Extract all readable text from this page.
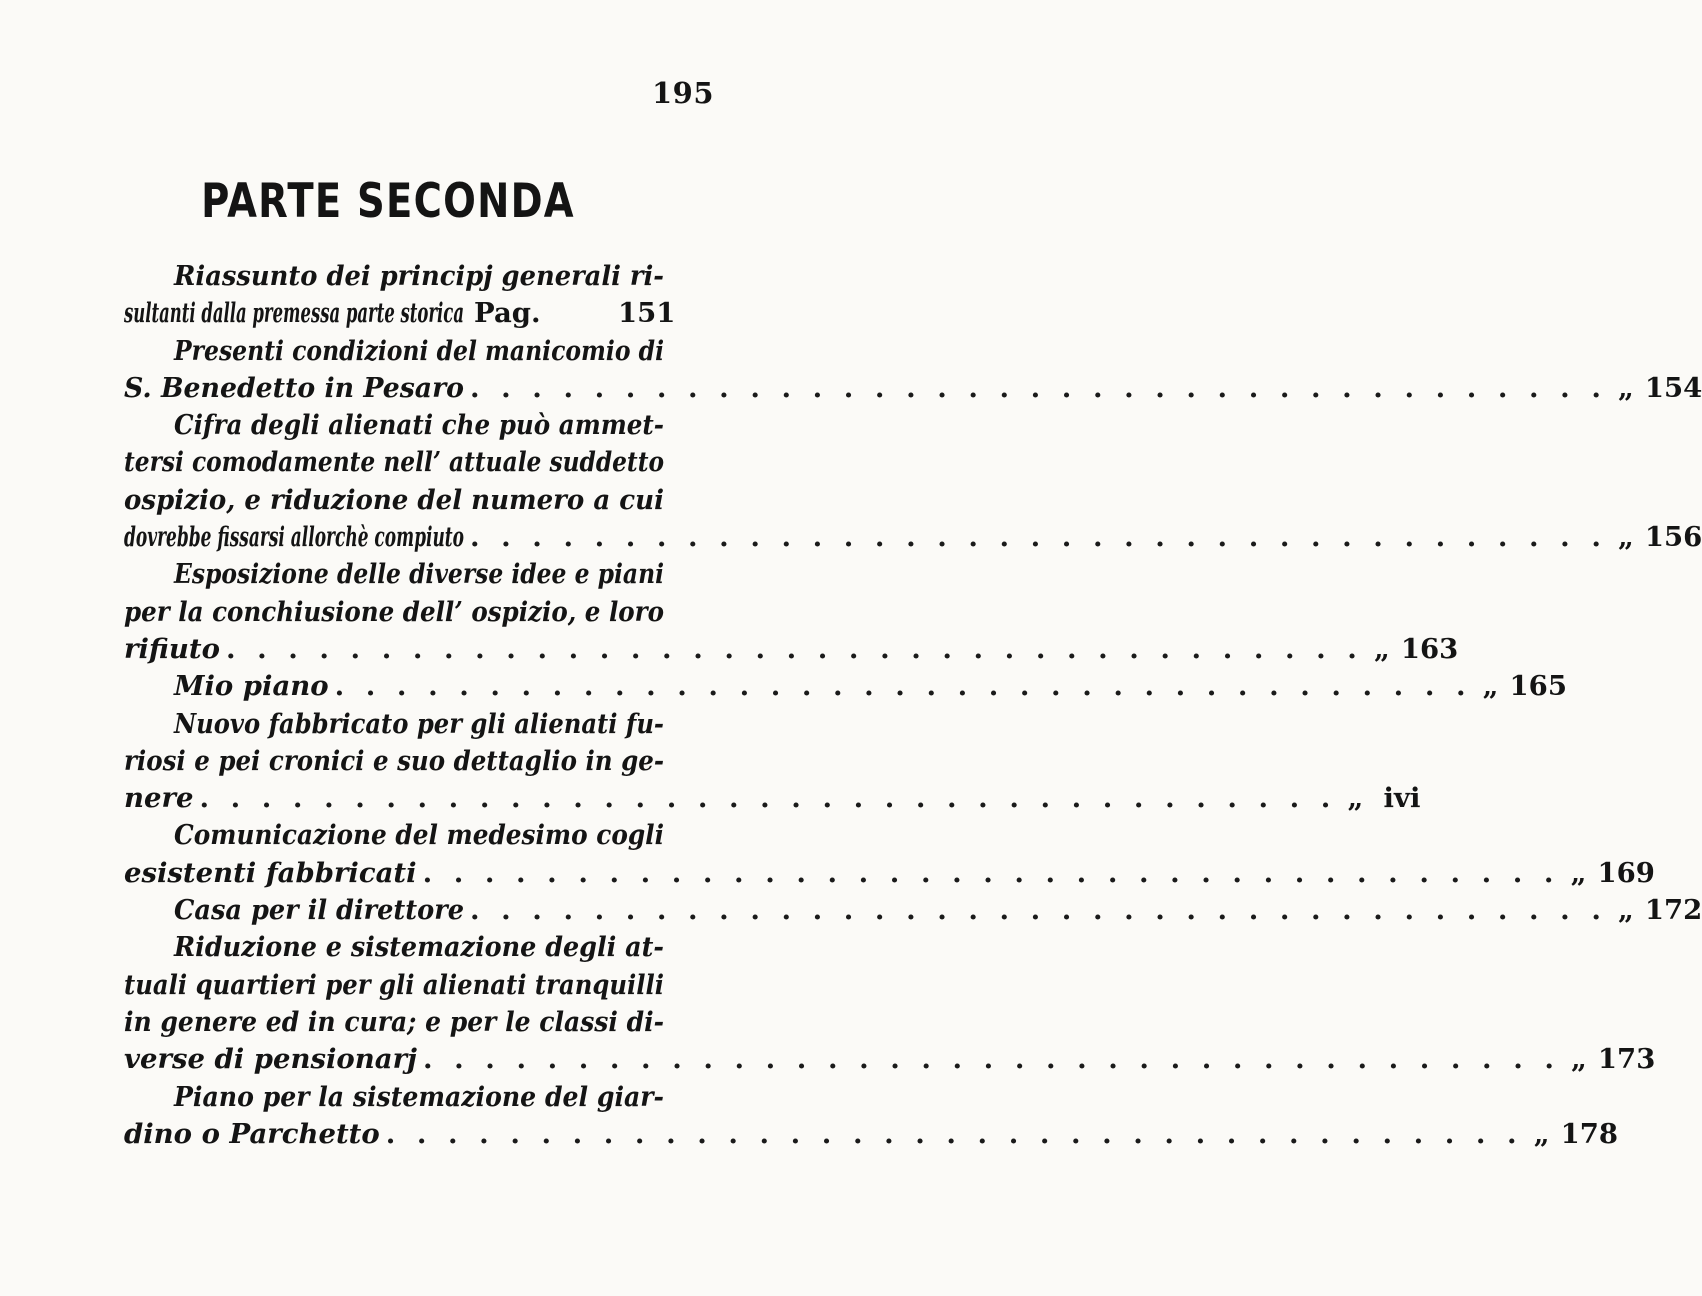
195
PARTE SECONDA
Riassunto dei principj generali ri-
sultanti dalla premessa parte storica Pag.	151
Presenti condizioni del manicomio di
S. Benedetto in Pesaro . . . . . . . . . . . . . . . . . . . . . . . . . . . . . . . . . . . . . „ 154
Cifra degli alienati che può ammet-
tersi comodamente nell’ attuale suddetto
ospizio, e riduzione del numero a cui
dovrebbe fissarsi allorchè compiuto . . . . . . . . . . . . . . . . . . . . . . . . . . . . . . . . . . . . . „ 156
Esposizione delle diverse idee e piani
per la conchiusione dell’ ospizio, e loro
rifiuto . . . . . . . . . . . . . . . . . . . . . . . . . . . . . . . . . . . . . „ 163
Mio piano . . . . . . . . . . . . . . . . . . . . . . . . . . . . . . . . . . . . . „ 165
Nuovo fabbricato per gli alienati fu-
riosi e pei cronici e suo dettaglio in ge-
nere . . . . . . . . . . . . . . . . . . . . . . . . . . . . . . . . . . . . . „ ivi
Comunicazione del medesimo cogli
esistenti fabbricati . . . . . . . . . . . . . . . . . . . . . . . . . . . . . . . . . . . . . „ 169
Casa per il direttore . . . . . . . . . . . . . . . . . . . . . . . . . . . . . . . . . . . . . „ 172
Riduzione e sistemazione degli at-
tuali quartieri per gli alienati tranquilli
in genere ed in cura; e per le classi di-
verse di pensionarj . . . . . . . . . . . . . . . . . . . . . . . . . . . . . . . . . . . . . „ 173
Piano per la sistemazione del giar-
dino o Parchetto . . . . . . . . . . . . . . . . . . . . . . . . . . . . . . . . . . . . . „ 178
